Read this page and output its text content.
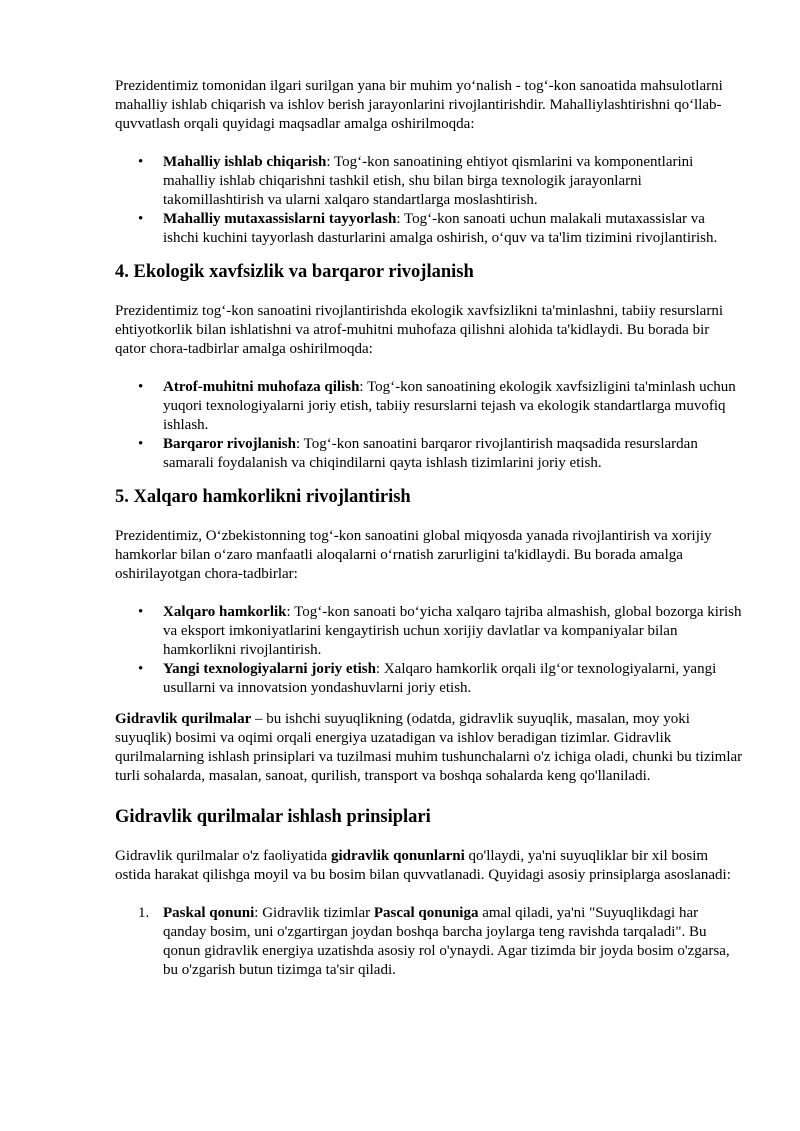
Prezidentimiz tomonidan ilgari surilgan yana bir muhim yo‘nalish - tog‘-kon sanoatida mahsulotlarni mahalliy ishlab chiqarish va ishlov berish jarayonlarini rivojlantirishdir. Mahalliylashtirishni qo‘llab-quvvatlash orqali quyidagi maqsadlar amalga oshirilmoqda:

• Mahalliy ishlab chiqarish: Tog‘-kon sanoatining ehtiyot qismlarini va komponentlarini mahalliy ishlab chiqarishni tashkil etish, shu bilan birga texnologik jarayonlarni takomillashtirish va ularni xalqaro standartlarga moslashtirish.
• Mahalliy mutaxassislarni tayyorlash: Tog‘-kon sanoati uchun malakali mutaxassislar va ishchi kuchini tayyorlash dasturlarini amalga oshirish, o‘quv va ta'lim tizimini rivojlantirish.
4. Ekologik xavfsizlik va barqaror rivojlanish

Prezidentimiz tog‘-kon sanoatini rivojlantirishda ekologik xavfsizlikni ta'minlashni, tabiiy resurslarni ehtiyotkorlik bilan ishlatishni va atrof-muhitni muhofaza qilishni alohida ta'kidlaydi. Bu borada bir qator chora-tadbirlar amalga oshirilmoqda:

• Atrof-muhitni muhofaza qilish: Tog‘-kon sanoatining ekologik xavfsizligini ta'minlash uchun yuqori texnologiyalarni joriy etish, tabiiy resurslarni tejash va ekologik standartlarga muvofiq ishlash.
• Barqaror rivojlanish: Tog‘-kon sanoatini barqaror rivojlantirish maqsadida resurslardan samarali foydalanish va chiqindilarni qayta ishlash tizimlarini joriy etish.
5. Xalqaro hamkorlikni rivojlantirish

Prezidentimiz, O‘zbekistonning tog‘-kon sanoatini global miqyosda yanada rivojlantirish va xorijiy hamkorlar bilan o‘zaro manfaatli aloqalarni o‘rnatish zarurligini ta'kidlaydi. Bu borada amalga oshirilayotgan chora-tadbirlar:

• Xalqaro hamkorlik: Tog‘-kon sanoati bo‘yicha xalqaro tajriba almashish, global bozorga kirish va eksport imkoniyatlarini kengaytirish uchun xorijiy davlatlar va kompaniyalar bilan hamkorlikni rivojlantirish.
• Yangi texnologiyalarni joriy etish: Xalqaro hamkorlik orqali ilg‘or texnologiyalarni, yangi usullarni va innovatsion yondashuvlarni joriy etish.

Gidravlik qurilmalar – bu ishchi suyuqlikning (odatda, gidravlik suyuqlik, masalan, moy yoki suyuqlik) bosimi va oqimi orqali energiya uzatadigan va ishlov beradigan tizimlar. Gidravlik qurilmalarning ishlash prinsiplari va tuzilmasi muhim tushunchalarni o'z ichiga oladi, chunki bu tizimlar turli sohalarda, masalan, sanoat, qurilish, transport va boshqa sohalarda keng qo'llaniladi.

Gidravlik qurilmalar ishlash prinsiplari

Gidravlik qurilmalar o'z faoliyatida gidravlik qonunlarni qo'llaydi, ya'ni suyuqliklar bir xil bosim ostida harakat qilishga moyil va bu bosim bilan quvvatlanadi. Quyidagi asosiy prinsiplarga asoslanadi:

1. Paskal qonuni: Gidravlik tizimlar Pascal qonuniga amal qiladi, ya'ni "Suyuqlikdagi har qanday bosim, uni o'zgartirgan joydan boshqa barcha joylarga teng ravishda tarqaladi". Bu qonun gidravlik energiya uzatishda asosiy rol o'ynaydi. Agar tizimda bir joyda bosim o'zgarsa, bu o'zgarish butun tizimga ta'sir qiladi.
